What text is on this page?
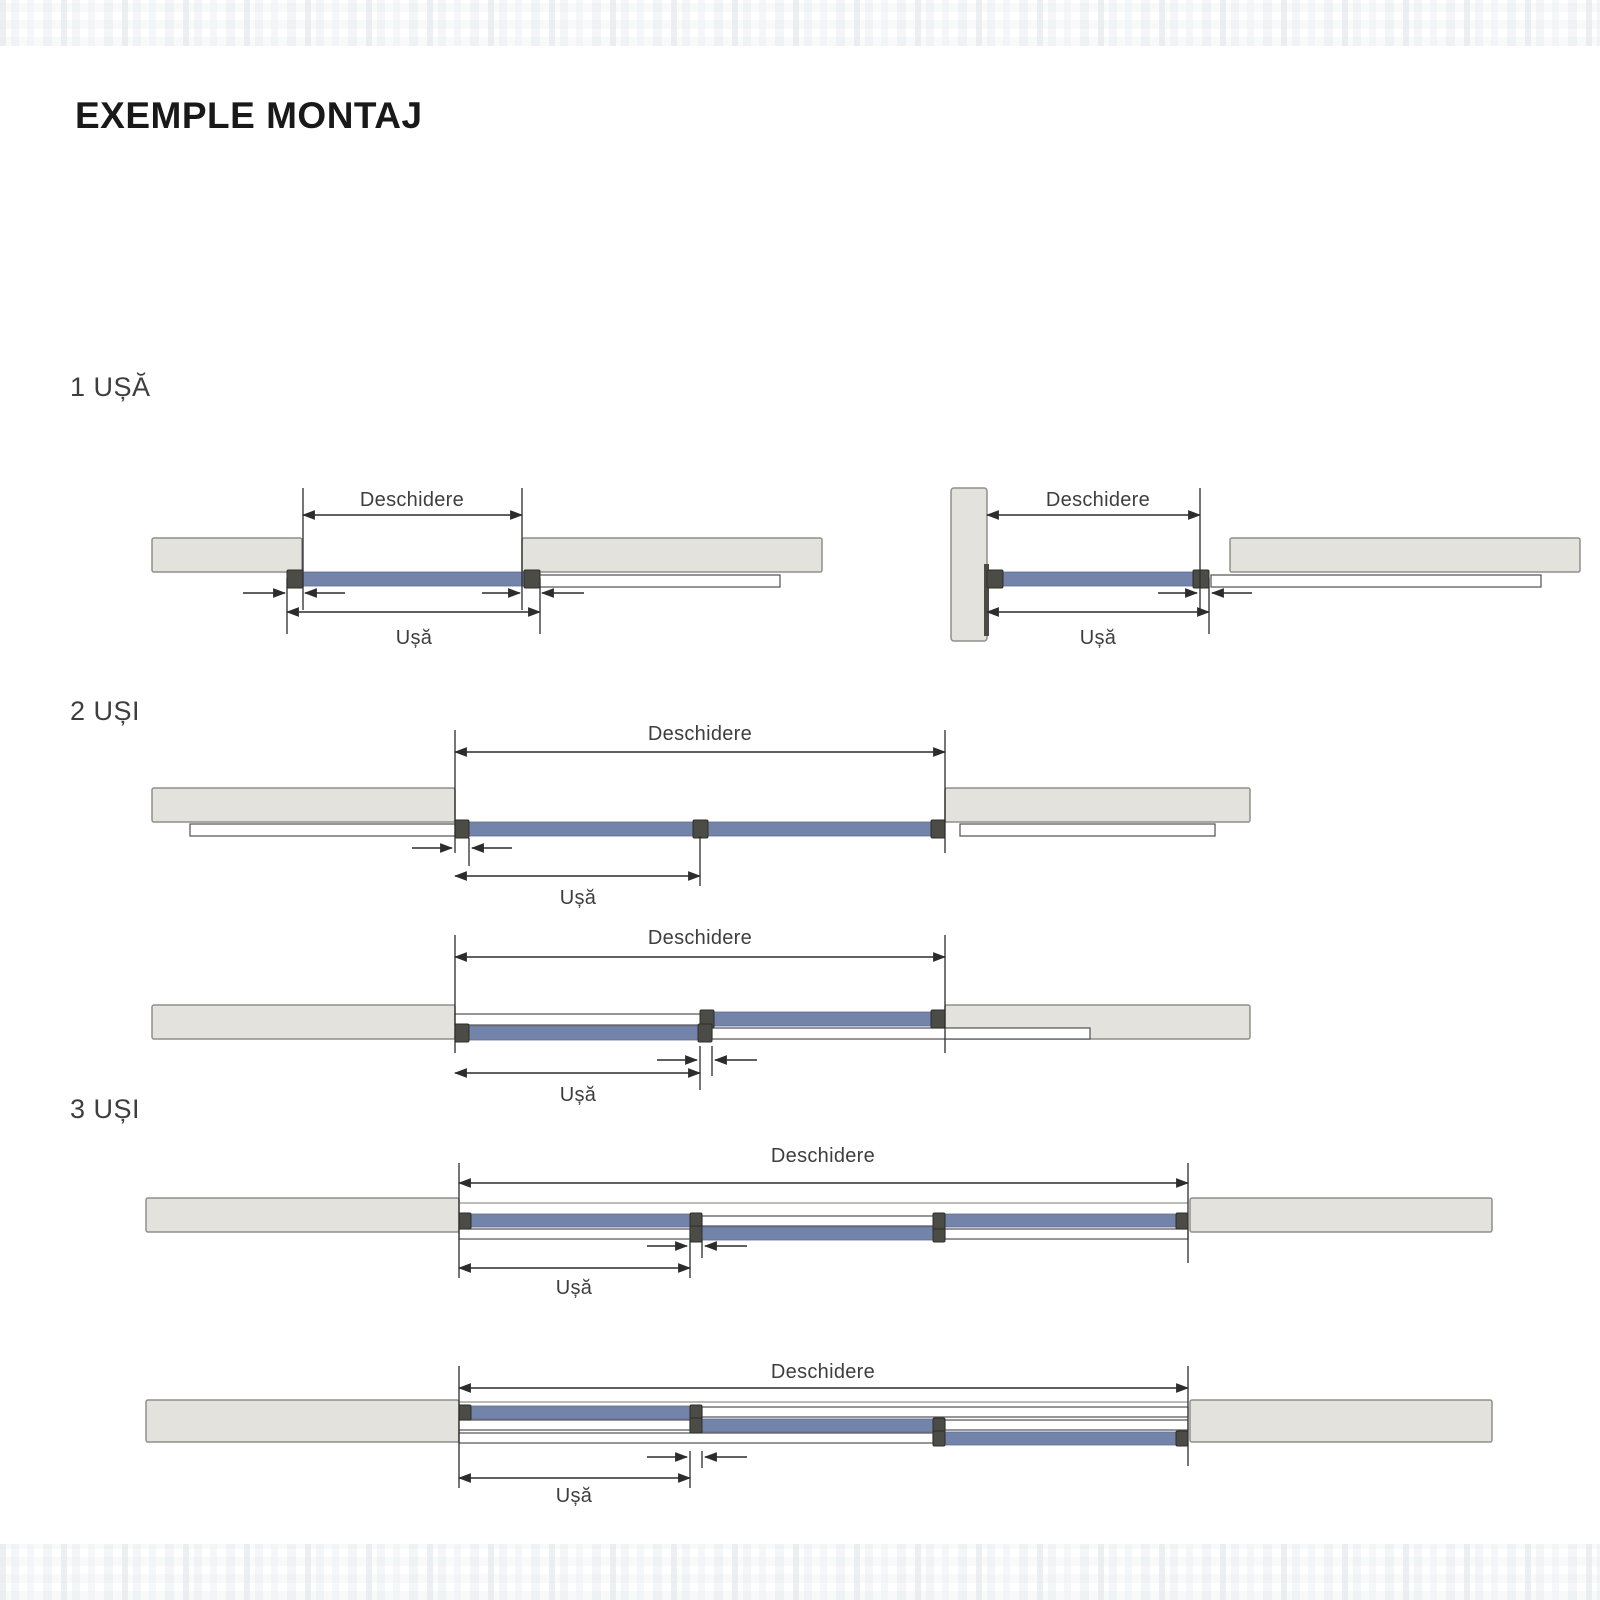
EXEMPLE MONTAJ
1 UȘĂ
2 UȘI
3 UȘI
Deschidere
Ușă
Deschidere
Ușă
Deschidere
Ușă
Deschidere
Ușă
Deschidere
Ușă
Deschidere
Ușă
